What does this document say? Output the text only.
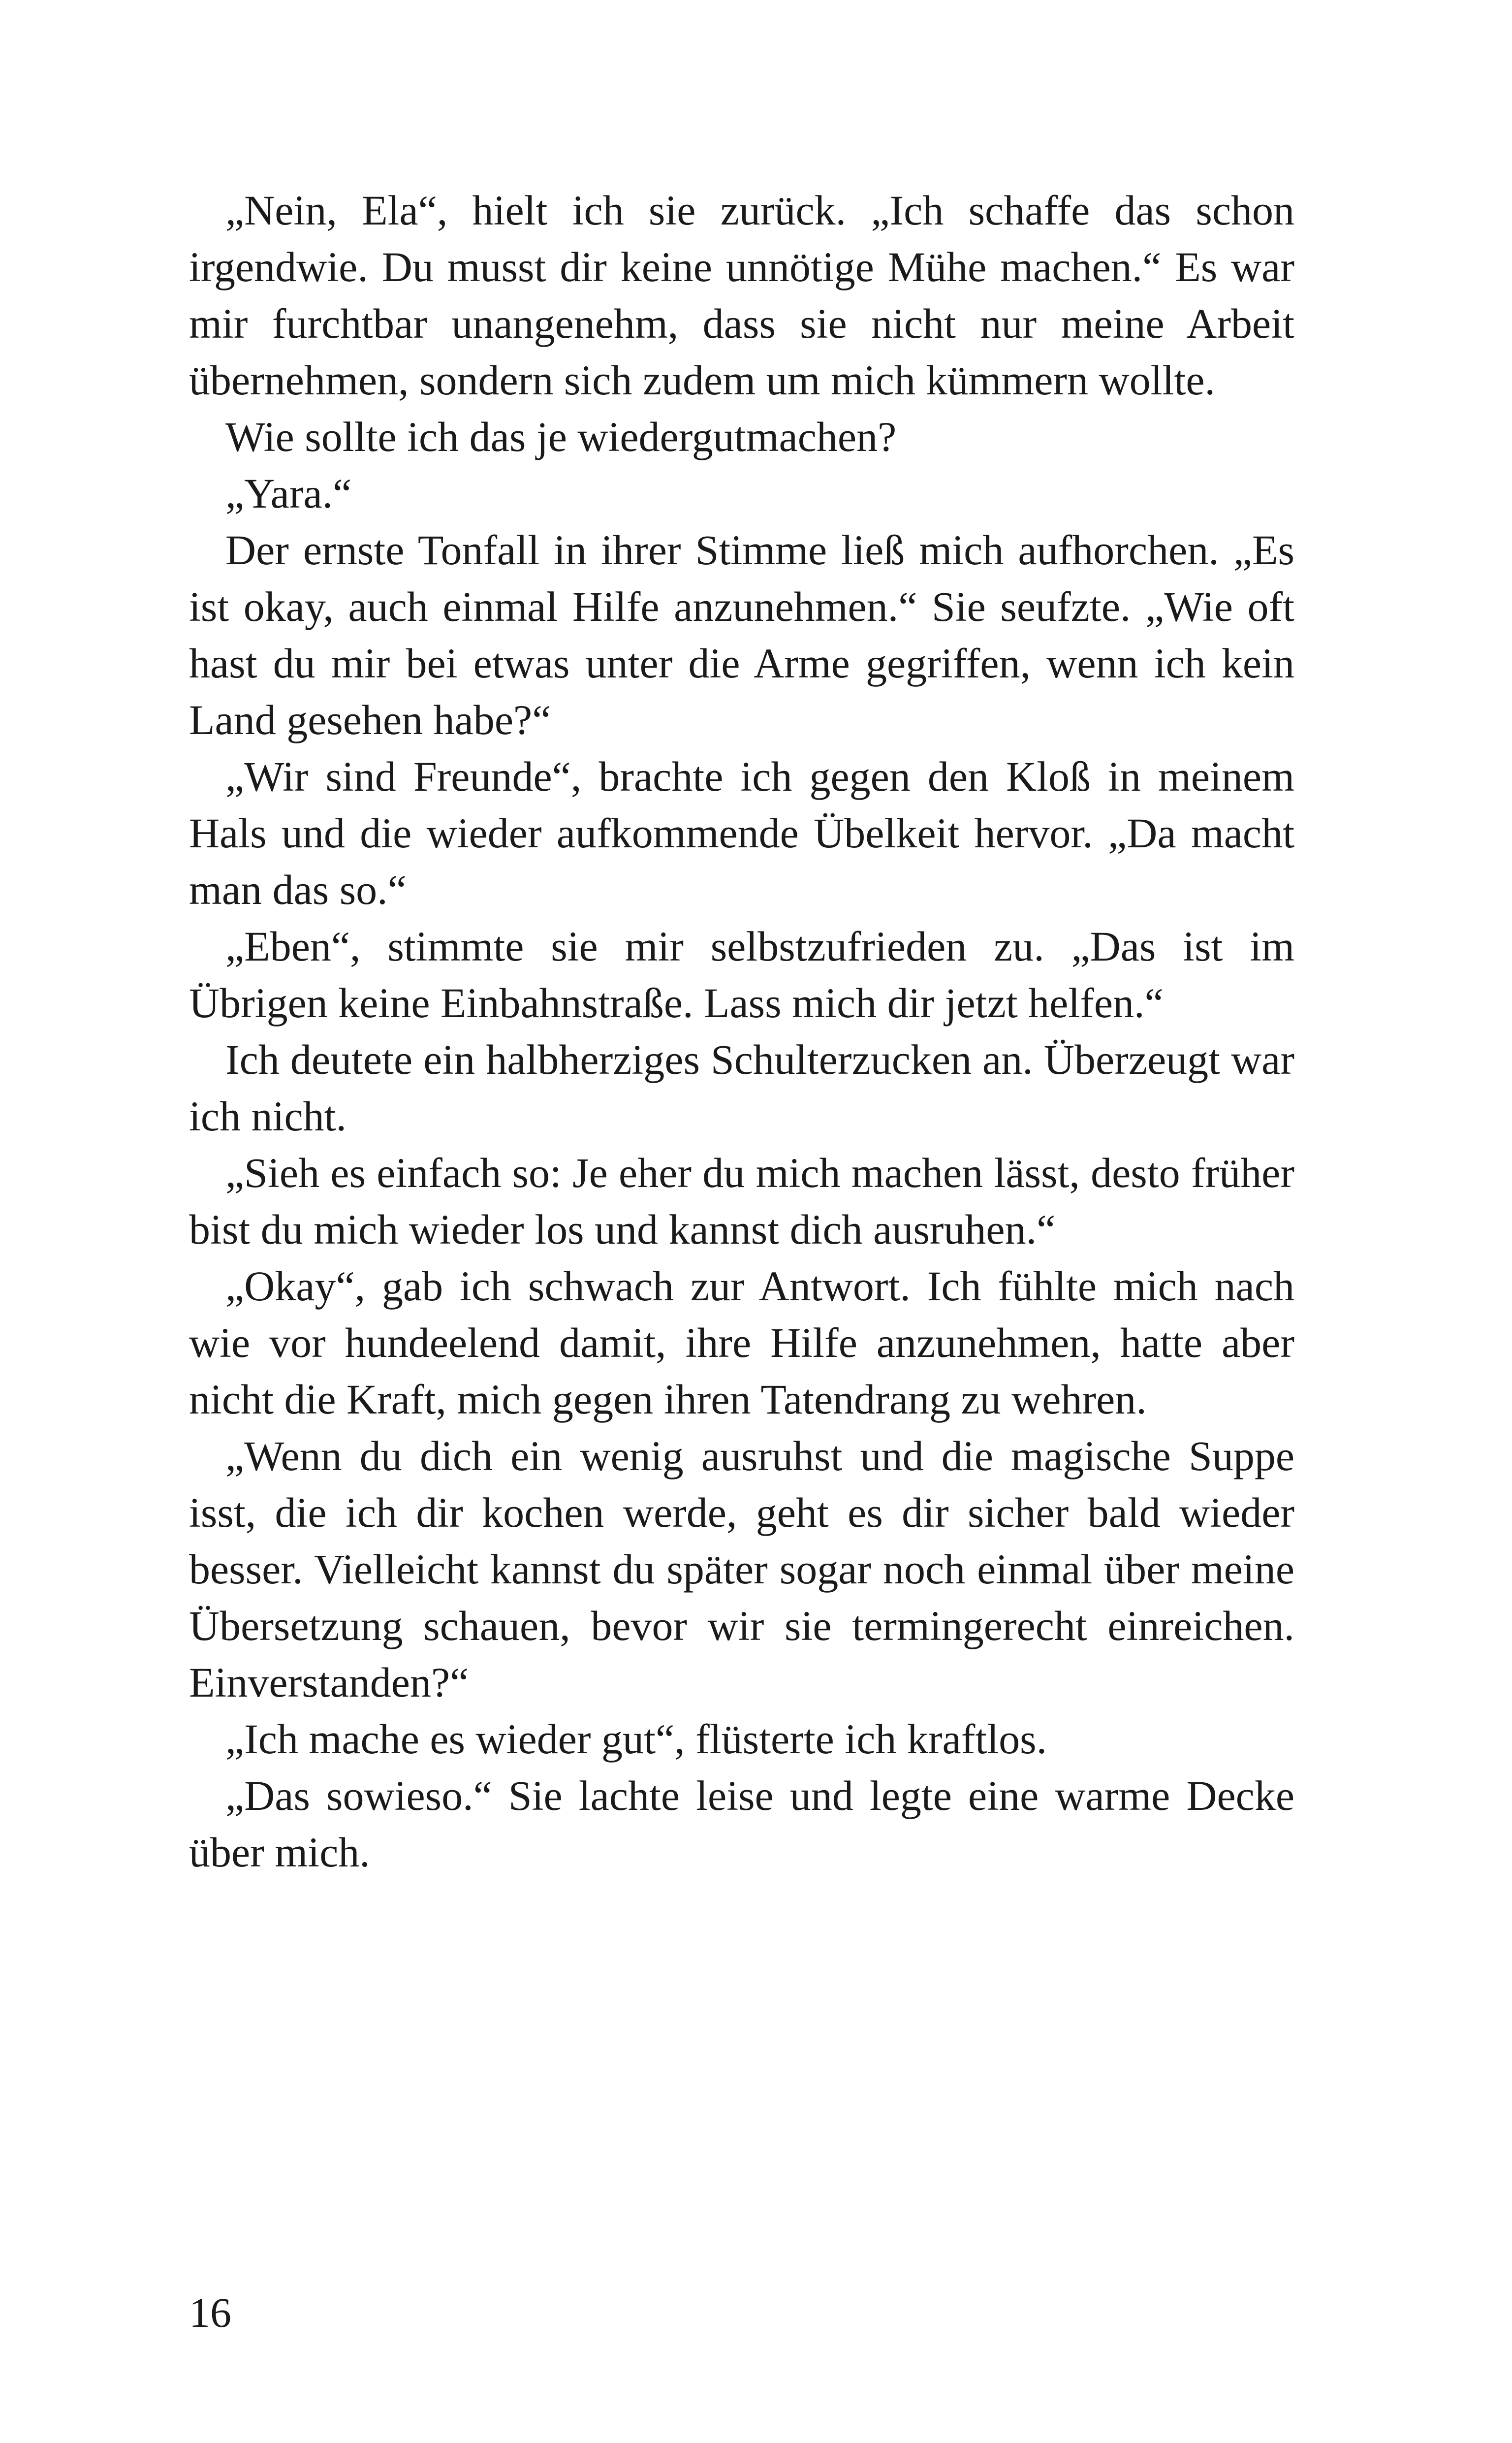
„Nein, Ela“, hielt ich sie zurück. „Ich schaffe das schon irgendwie. Du musst dir keine unnötige Mühe machen.“ Es war mir furchtbar unangenehm, dass sie nicht nur meine Arbeit übernehmen, sondern sich zudem um mich kümmern wollte.

Wie sollte ich das je wiedergutmachen?

„Yara.“

Der ernste Tonfall in ihrer Stimme ließ mich aufhorchen. „Es ist okay, auch einmal Hilfe anzunehmen.“ Sie seufzte. „Wie oft hast du mir bei etwas unter die Arme gegriffen, wenn ich kein Land gesehen habe?“

„Wir sind Freunde“, brachte ich gegen den Kloß in meinem Hals und die wieder aufkommende Übelkeit hervor. „Da macht man das so.“

„Eben“, stimmte sie mir selbstzufrieden zu. „Das ist im Übrigen keine Einbahnstraße. Lass mich dir jetzt helfen.“

Ich deutete ein halbherziges Schulterzucken an. Überzeugt war ich nicht.

„Sieh es einfach so: Je eher du mich machen lässt, desto früher bist du mich wieder los und kannst dich ausruhen.“

„Okay“, gab ich schwach zur Antwort. Ich fühlte mich nach wie vor hundeelend damit, ihre Hilfe anzunehmen, hatte aber nicht die Kraft, mich gegen ihren Tatendrang zu wehren.

„Wenn du dich ein wenig ausruhst und die magische Suppe isst, die ich dir kochen werde, geht es dir sicher bald wieder besser. Vielleicht kannst du später sogar noch einmal über meine Übersetzung schauen, bevor wir sie termingerecht einreichen. Einverstanden?“

„Ich mache es wieder gut“, flüsterte ich kraftlos.

„Das sowieso.“ Sie lachte leise und legte eine warme Decke über mich.

16
